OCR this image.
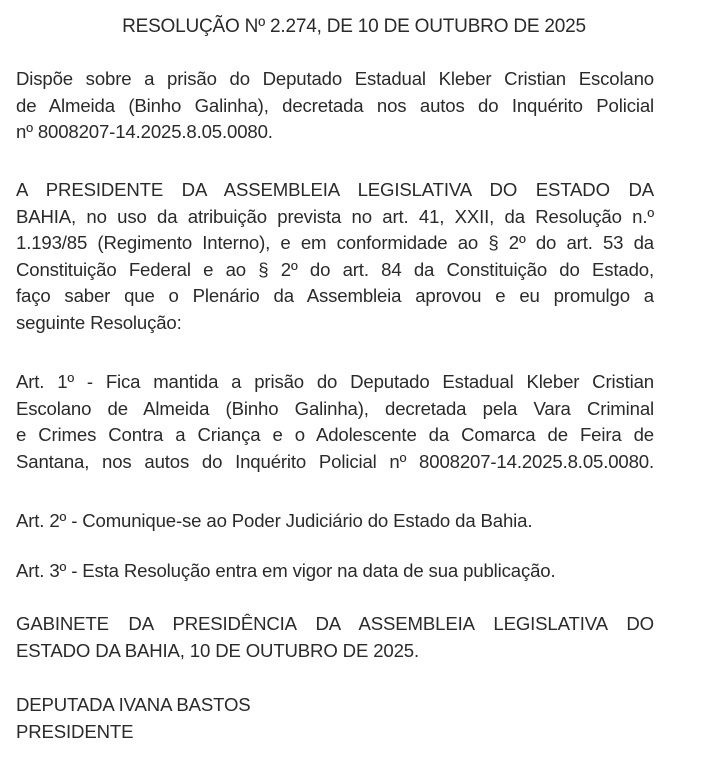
RESOLUÇÃO Nº 2.274, DE 10 DE OUTUBRO DE 2025
Dispõe sobre a prisão do Deputado Estadual Kleber Cristian Escolano
de Almeida (Binho Galinha), decretada nos autos do Inquérito Policial
nº 8008207-14.2025.8.05.0080.
A PRESIDENTE DA ASSEMBLEIA LEGISLATIVA DO ESTADO DA
BAHIA, no uso da atribuição prevista no art. 41, XXII, da Resolução n.º
1.193/85 (Regimento Interno), e em conformidade ao § 2º do art. 53 da
Constituição Federal e ao § 2º do art. 84 da Constituição do Estado,
faço saber que o Plenário da Assembleia aprovou e eu promulgo a
seguinte Resolução:
Art. 1º - Fica mantida a prisão do Deputado Estadual Kleber Cristian
Escolano de Almeida (Binho Galinha), decretada pela Vara Criminal
e Crimes Contra a Criança e o Adolescente da Comarca de Feira de
Santana, nos autos do Inquérito Policial nº 8008207-14.2025.8.05.0080.
Art. 2º - Comunique-se ao Poder Judiciário do Estado da Bahia.
Art. 3º - Esta Resolução entra em vigor na data de sua publicação.
GABINETE DA PRESIDÊNCIA DA ASSEMBLEIA LEGISLATIVA DO
ESTADO DA BAHIA, 10 DE OUTUBRO DE 2025.
DEPUTADA IVANA BASTOS
PRESIDENTE
